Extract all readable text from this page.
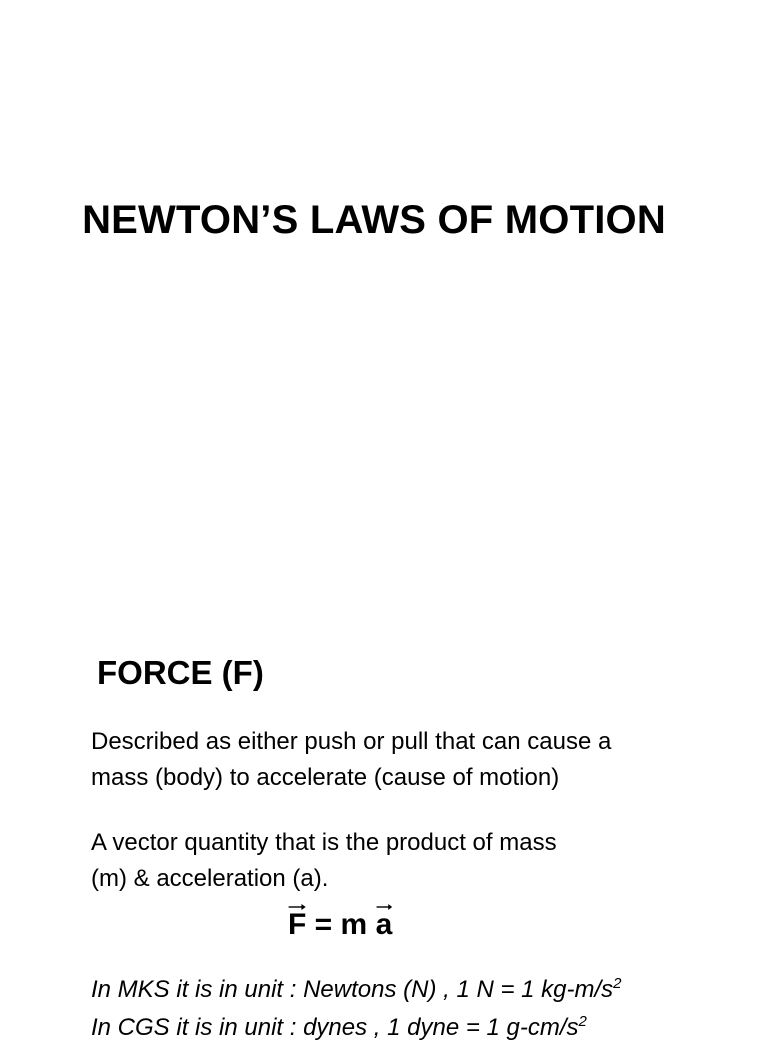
NEWTON’S LAWS OF MOTION
FORCE (F)
Described as either push or pull that can cause a
mass (body) to accelerate (cause of motion)
A vector quantity that is the product of mass
(m) & acceleration (a).
F = m a
In MKS it is in unit : Newtons (N) , 1 N = 1 $kg-m/s^2$
In CGS it is in unit : dynes , 1 dyne = 1 $g-cm/s^2$
